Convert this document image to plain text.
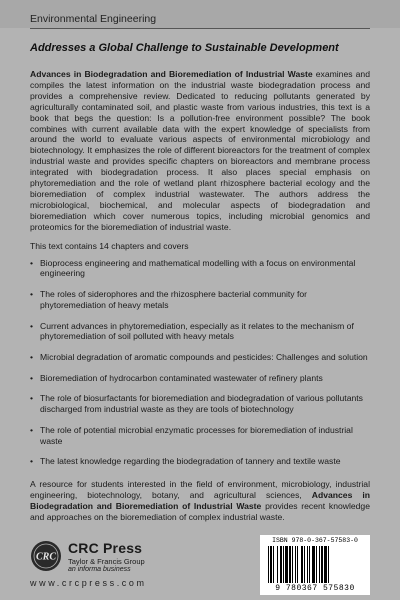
Environmental Engineering
Addresses a Global Challenge to Sustainable Development

Advances in Biodegradation and Bioremediation of Industrial Waste examines and compiles the latest information on the industrial waste biodegradation process and provides a comprehensive review. Dedicated to reducing pollutants generated by agriculturally contaminated soil, and plastic waste from various industries, this text is a book that begs the question: Is a pollution-free environment possible? The book combines with current available data with the expert knowledge of specialists from around the world to evaluate various aspects of environmental microbiology and biotechnology. It emphasizes the role of different bioreactors for the treatment of complex industrial waste and provides specific chapters on bioreactors and membrane process integrated with biodegradation process. It also places special emphasis on phytoremediation and the role of wetland plant rhizosphere bacterial ecology and the bioremediation of complex industrial wastewater. The authors address the microbiological, biochemical, and molecular aspects of biodegradation and bioremediation which cover numerous topics, including microbial genomics and proteomics for the bioremediation of industrial waste.

This text contains 14 chapters and covers
• Bioprocess engineering and mathematical modelling with a focus on environmental engineering
• The roles of siderophores and the rhizosphere bacterial community for phytoremediation of heavy metals
• Current advances in phytoremediation, especially as it relates to the mechanism of phytoremediation of soil polluted with heavy metals
• Microbial degradation of aromatic compounds and pesticides: Challenges and solution
• Bioremediation of hydrocarbon contaminated wastewater of refinery plants
• The role of biosurfactants for bioremediation and biodegradation of various pollutants discharged from industrial waste as they are tools of biotechnology
• The role of potential microbial enzymatic processes for bioremediation of industrial waste
• The latest knowledge regarding the biodegradation of tannery and textile waste

A resource for students interested in the field of environment, microbiology, industrial engineering, biotechnology, botany, and agricultural sciences, Advances in Biodegradation and Bioremediation of Industrial Waste provides recent knowledge and approaches on the bioremediation of complex industrial waste.

CRC
CRC Press
Taylor & Francis Group
an informa business
www.crcpress.com
ISBN 978-0-367-57583-0
9 780367 575830
